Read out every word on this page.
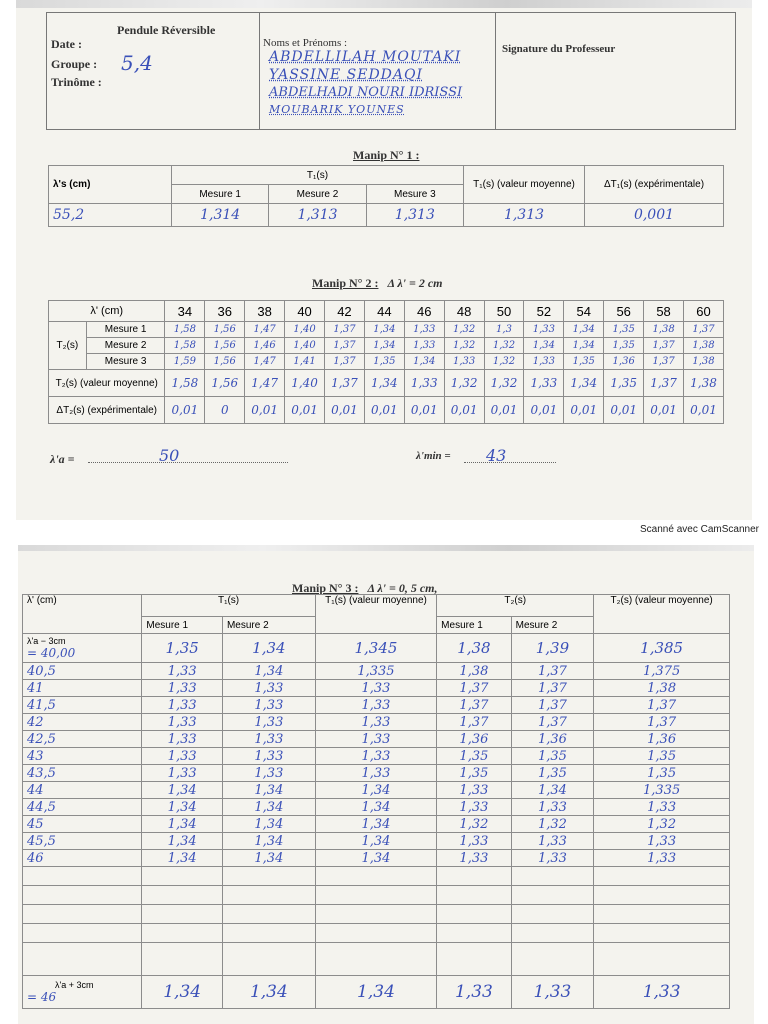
Pendule Réversible
Date :
Groupe : 5,4
Trinôme :
Noms et Prénoms :
ABDELLILAH MOUTAKI
YASSINE SEDDAQI
ABDELHADI NOURI IDRISSI
MOUBARIK YOUNES
Signature du Professeur
Manip N° 1 :
λ's (cm)	T₁(s)			T₁(s) (valeur moyenne)	ΔT₁(s) (expérimentale)
	Mesure 1	Mesure 2	Mesure 3		
55,2	1,314	1,313	1,313	1,313	0,001
Manip N° 2 : Δ λ' = 2 cm
λ' (cm)		34	36	38	40	42	44	46	48	50	52	54	56	58	60
T₂(s)	Mesure 1	1,58	1,56	1,47	1,40	1,37	1,34	1,33	1,32	1,3	1,33	1,34	1,35	1,38	1,37
	Mesure 2	1,58	1,56	1,46	1,40	1,37	1,34	1,33	1,32	1,32	1,34	1,34	1,35	1,37	1,38
	Mesure 3	1,59	1,56	1,47	1,41	1,37	1,35	1,34	1,33	1,32	1,33	1,35	1,36	1,37	1,38
T₂(s) (valeur moyenne)		1,58	1,56	1,47	1,40	1,37	1,34	1,33	1,32	1,32	1,33	1,34	1,35	1,37	1,38
ΔT₂(s) (expérimentale)		0,01	0	0,01	0,01	0,01	0,01	0,01	0,01	0,01	0,01	0,01	0,01	0,01	0,01
λ'a =	50	λ'min = 43
Scanné avec CamScanner
Manip N° 3 : Δ λ' = 0, 5 cm,
λ' (cm)	T₁(s)		T₁(s) (valeur moyenne)	T₂(s)		T₂(s) (valeur moyenne)
	Mesure 1	Mesure 2		Mesure 1	Mesure 2	

λ'a − 3cm
= 40,00	1,35	1,34	1,345	1,38	1,39	1,385
40,5	1,33	1,34	1,335	1,38	1,37	1,375
41	1,33	1,33	1,33	1,37	1,37	1,38
41,5	1,33	1,33	1,33	1,37	1,37	1,37
42	1,33	1,33	1,33	1,37	1,37	1,37
42,5	1,33	1,33	1,33	1,36	1,36	1,36
43	1,33	1,33	1,33	1,35	1,35	1,35
43,5	1,33	1,33	1,33	1,35	1,35	1,35
44	1,34	1,34	1,34	1,33	1,34	1,335
44,5	1,34	1,34	1,34	1,33	1,33	1,33
45	1,34	1,34	1,34	1,32	1,32	1,32
45,5	1,34	1,34	1,34	1,33	1,33	1,33
46	1,34	1,34	1,34	1,33	1,33	1,33

λ'a + 3cm
= 46	1,34	1,34	1,34	1,33	1,33	1,33
